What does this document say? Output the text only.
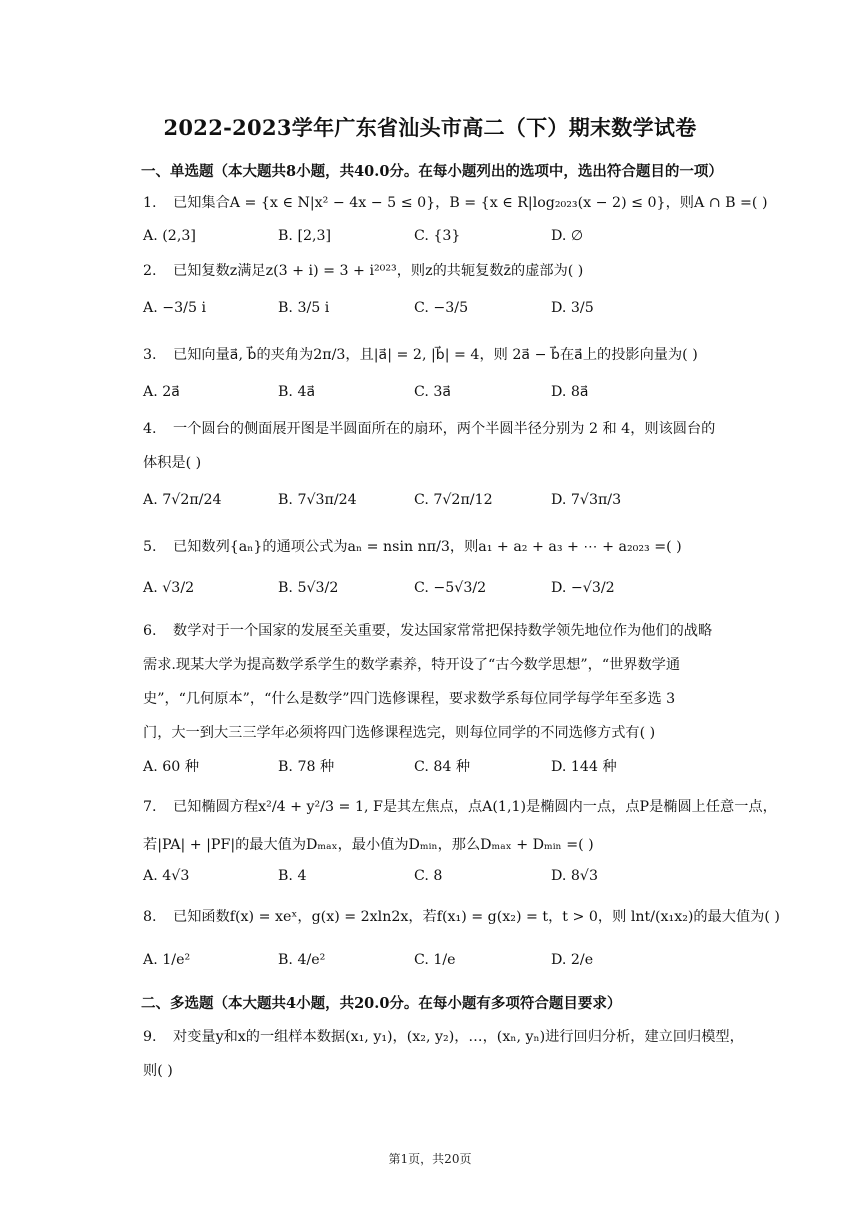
2022-2023学年广东省汕头市高二（下）期末数学试卷
一、单选题（本大题共8小题，共40.0分。在每小题列出的选项中，选出符合题目的一项）
1. 已知集合A = {x ∈ N|x² − 4x − 5 ≤ 0}，B = {x ∈ R|log₂₀₂₃(x − 2) ≤ 0}，则A ∩ B =( )
A. (2,3]	B. [2,3]	C. {3}	D. ∅
2. 已知复数z满足z(3 + i) = 3 + i²⁰²³，则z的共轭复数z̄的虚部为( )
A. −3/5 i	B. 3/5 i	C. −3/5	D. 3/5
3. 已知向量a⃗, b⃗的夹角为2π/3，且|a⃗| = 2, |b⃗| = 4，则 2a⃗ − b⃗在a⃗上的投影向量为( )
A. 2a⃗	B. 4a⃗	C. 3a⃗	D. 8a⃗
4. 一个圆台的侧面展开图是半圆面所在的扇环，两个半圆半径分别为 2 和 4，则该圆台的
体积是( )
A. 7√2π/24	B. 7√3π/24	C. 7√2π/12	D. 7√3π/3
5. 已知数列{aₙ}的通项公式为aₙ = nsin nπ/3，则a₁ + a₂ + a₃ + ⋯ + a₂₀₂₃ =( )
A. √3/2	B. 5√3/2	C. −5√3/2	D. −√3/2
6. 数学对于一个国家的发展至关重要，发达国家常常把保持数学领先地位作为他们的战略
需求.现某大学为提高数学系学生的数学素养，特开设了“古今数学思想”，“世界数学通
史”，“几何原本”，“什么是数学”四门选修课程，要求数学系每位同学每学年至多选 3
门，大一到大三三学年必须将四门选修课程选完，则每位同学的不同选修方式有( )
A. 60 种	B. 78 种	C. 84 种	D. 144 种
7. 已知椭圆方程x²/4 + y²/3 = 1, F是其左焦点，点A(1,1)是椭圆内一点，点P是椭圆上任意一点，
若|PA| + |PF|的最大值为Dₘₐₓ，最小值为Dₘᵢₙ，那么Dₘₐₓ + Dₘᵢₙ =( )
A. 4√3	B. 4	C. 8	D. 8√3
8. 已知函数f(x) = xeˣ，g(x) = 2xln2x，若f(x₁) = g(x₂) = t，t > 0，则 lnt/(x₁x₂)的最大值为( )
A. 1/e²	B. 4/e²	C. 1/e	D. 2/e
二、多选题（本大题共4小题，共20.0分。在每小题有多项符合题目要求）
9. 对变量y和x的一组样本数据(x₁, y₁)，(x₂, y₂)，…，(xₙ, yₙ)进行回归分析，建立回归模型，
则( )
第1页，共20页
